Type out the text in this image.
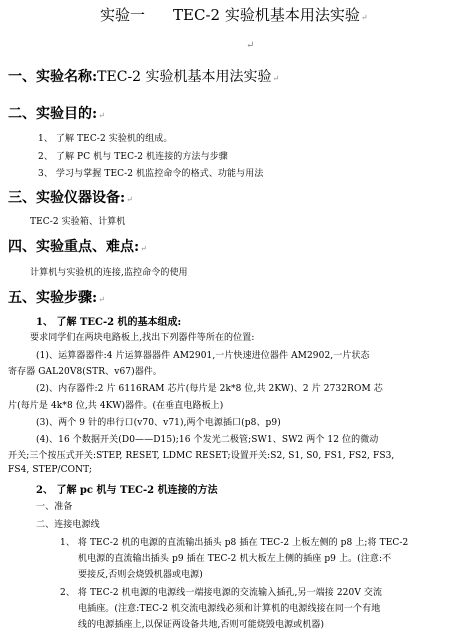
实验一 TEC-2 实验机基本用法实验↵
↵
一、实验名称:TEC-2 实验机基本用法实验↵
二、实验目的:↵
1、 了解 TEC-2 实验机的组成。
2、 了解 PC 机与 TEC-2 机连接的方法与步骤
3、 学习与掌握 TEC-2 机监控命令的格式、功能与用法
三、实验仪器设备:↵
TEC-2 实验箱、计算机
四、实验重点、难点:↵
计算机与实验机的连接,监控命令的使用
五、实验步骤:↵
1、 了解 TEC-2 机的基本组成:
要求同学们在两块电路板上,找出下列器件等所在的位置:
(1)、运算器器件:4 片运算器器件 AM2901,一片快速进位器件 AM2902,一片状态
寄存器 GAL20V8(STR、v67)器件。
(2)、内存器件:2 片 6116RAM 芯片(每片是 2k*8 位,共 2KW)、2 片 2732ROM 芯
片(每片是 4k*8 位,共 4KW)器件。(在垂直电路板上)
(3)、两个 9 针的串行口(v70、v71),两个电源插口(p8、p9)
(4)、16 个数据开关(D0——D15);16 个发光二极管;SW1、SW2 两个 12 位的微动
开关;三个按压式开关:STEP, RESET, LDMC RESET;设置开关:S2, S1, S0, FS1, FS2, FS3,
FS4, STEP/CONT;
2、 了解 pc 机与 TEC-2 机连接的方法
一、准备
二、连接电源线
1、 将 TEC-2 机的电源的直流输出插头 p8 插在 TEC-2 上板左侧的 p8 上;将 TEC-2
机电源的直流输出插头 p9 插在 TEC-2 机大板左上侧的插座 p9 上。(注意:不
要接反,否则会烧毁机器或电源)
2、 将 TEC-2 机电源的电源线一端接电源的交流输入插孔,另一端接 220V 交流
电插座。(注意:TEC-2 机交流电源线必须和计算机的电源线接在同一个有地
线的电源插座上,以保证两设备共地,否则可能烧毁电源或机器)
